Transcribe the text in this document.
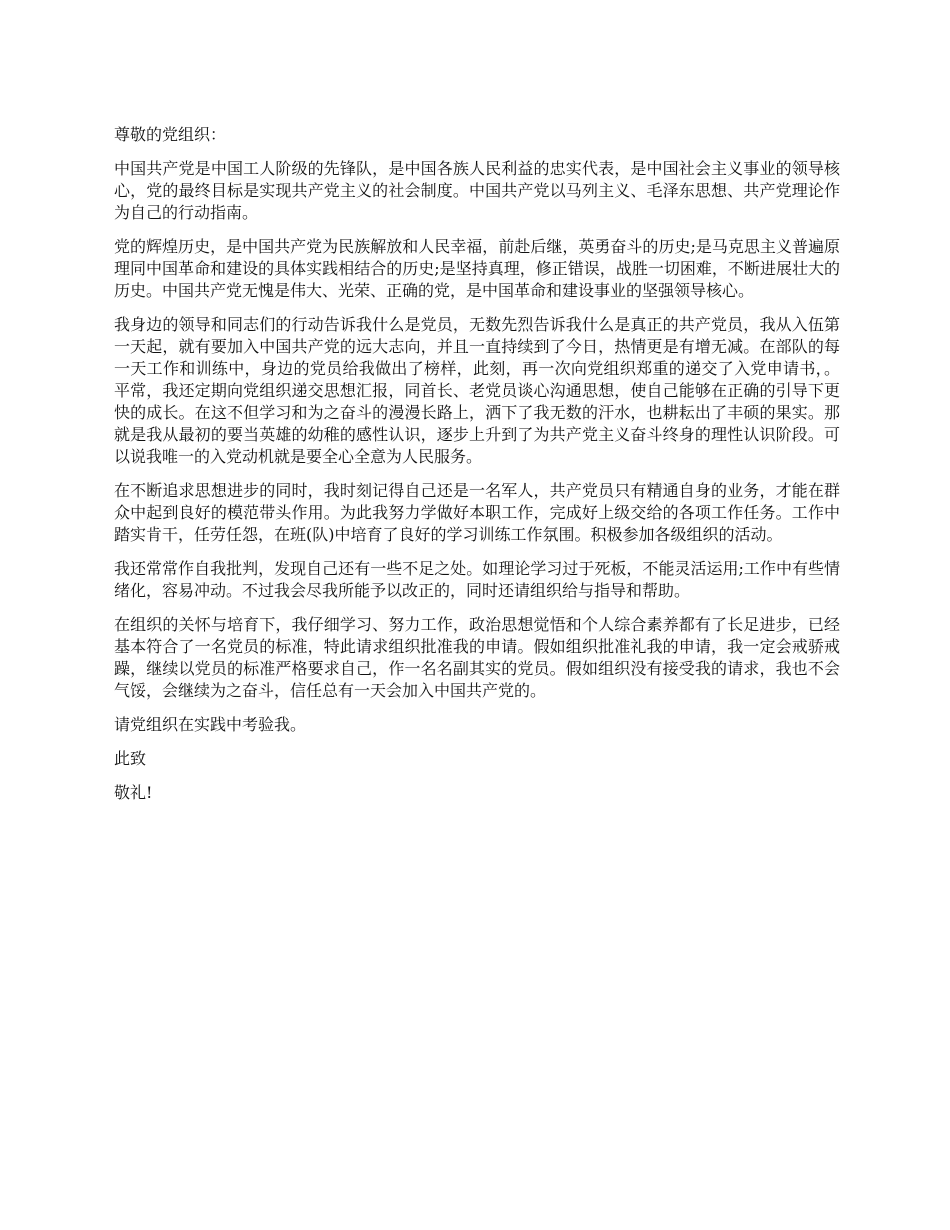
尊敬的党组织：

中国共产党是中国工人阶级的先锋队，是中国各族人民利益的忠实代表，是中国社会主义事业的领导核心，党的最终目标是实现共产党主义的社会制度。中国共产党以马列主义、毛泽东思想、共产党理论作为自己的行动指南。

党的辉煌历史，是中国共产党为民族解放和人民幸福，前赴后继，英勇奋斗的历史;是马克思主义普遍原理同中国革命和建设的具体实践相结合的历史;是坚持真理，修正错误，战胜一切困难，不断进展壮大的历史。中国共产党无愧是伟大、光荣、正确的党，是中国革命和建设事业的坚强领导核心。

我身边的领导和同志们的行动告诉我什么是党员，无数先烈告诉我什么是真正的共产党员，我从入伍第一天起，就有要加入中国共产党的远大志向，并且一直持续到了今日，热情更是有增无减。在部队的每一天工作和训练中，身边的党员给我做出了榜样，此刻，再一次向党组织郑重的递交了入党申请书，。平常，我还定期向党组织递交思想汇报，同首长、老党员谈心沟通思想，使自己能够在正确的引导下更快的成长。在这不但学习和为之奋斗的漫漫长路上，洒下了我无数的汗水，也耕耘出了丰硕的果实。那就是我从最初的要当英雄的幼稚的感性认识，逐步上升到了为共产党主义奋斗终身的理性认识阶段。可以说我唯一的入党动机就是要全心全意为人民服务。

在不断追求思想进步的同时，我时刻记得自己还是一名军人，共产党员只有精通自身的业务，才能在群众中起到良好的模范带头作用。为此我努力学做好本职工作，完成好上级交给的各项工作任务。工作中踏实肯干，任劳任怨，在班(队)中培育了良好的学习训练工作氛围。积极参加各级组织的活动。

我还常常作自我批判，发现自己还有一些不足之处。如理论学习过于死板，不能灵活运用;工作中有些情绪化，容易冲动。不过我会尽我所能予以改正的，同时还请组织给与指导和帮助。

在组织的关怀与培育下，我仔细学习、努力工作，政治思想觉悟和个人综合素养都有了长足进步，已经基本符合了一名党员的标准，特此请求组织批准我的申请。假如组织批准礼我的申请，我一定会戒骄戒躁，继续以党员的标准严格要求自己，作一名名副其实的党员。假如组织没有接受我的请求，我也不会气馁，会继续为之奋斗，信任总有一天会加入中国共产党的。

请党组织在实践中考验我。

此致

敬礼!
